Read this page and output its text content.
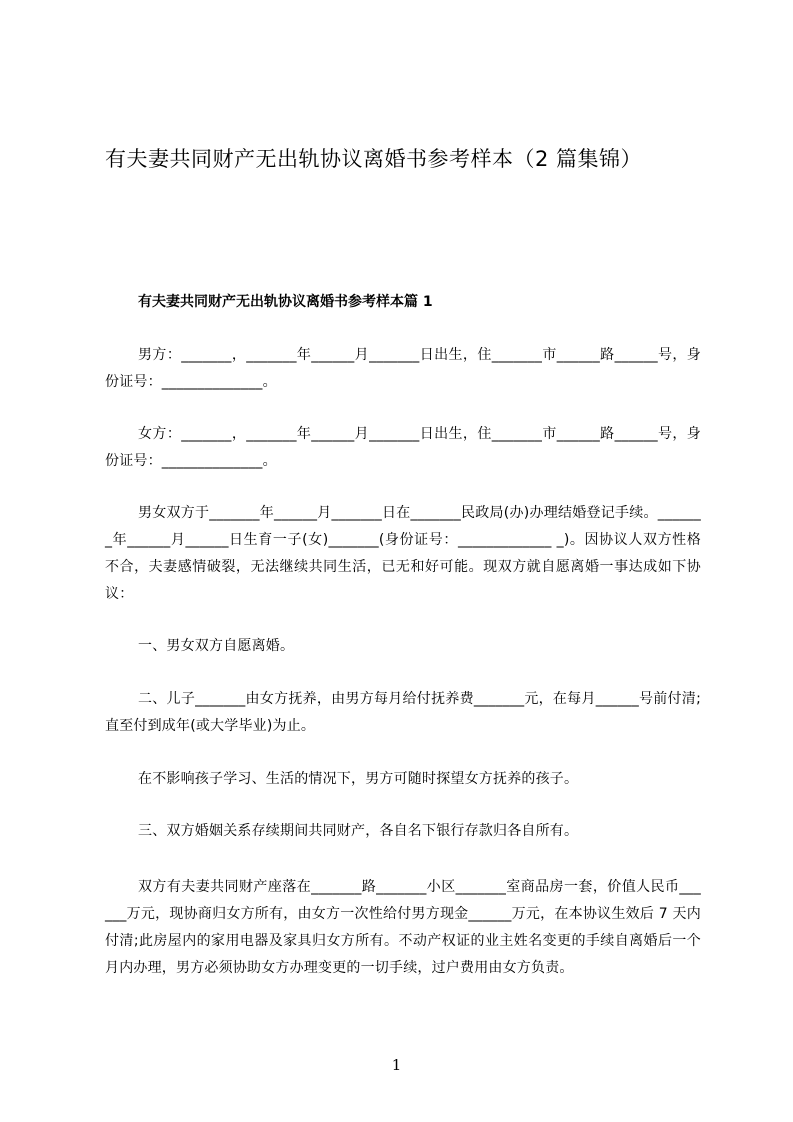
有夫妻共同财产无出轨协议离婚书参考样本（2 篇集锦）
有夫妻共同财产无出轨协议离婚书参考样本篇 1
男方：_______，_______年______月_______日出生，住_______市______路______号，身份证号：______________。
女方：_______，_______年______月_______日出生，住_______市______路______号，身份证号：______________。
男女双方于_______年______月_______日在_______民政局(办)办理结婚登记手续。_______年______月______日生育一子(女)_______(身份证号：_____________ _)。因协议人双方性格不合，夫妻感情破裂，无法继续共同生活，已无和好可能。现双方就自愿离婚一事达成如下协议：
一、男女双方自愿离婚。
二、儿子_______由女方抚养，由男方每月给付抚养费_______元，在每月______号前付清;直至付到成年(或大学毕业)为止。
在不影响孩子学习、生活的情况下，男方可随时探望女方抚养的孩子。
三、双方婚姻关系存续期间共同财产，各自名下银行存款归各自所有。
双方有夫妻共同财产座落在_______路_______小区_______室商品房一套，价值人民币______万元，现协商归女方所有，由女方一次性给付男方现金______万元，在本协议生效后 7 天内付清;此房屋内的家用电器及家具归女方所有。不动产权证的业主姓名变更的手续自离婚后一个月内办理，男方必须协助女方办理变更的一切手续，过户费用由女方负责。
1
